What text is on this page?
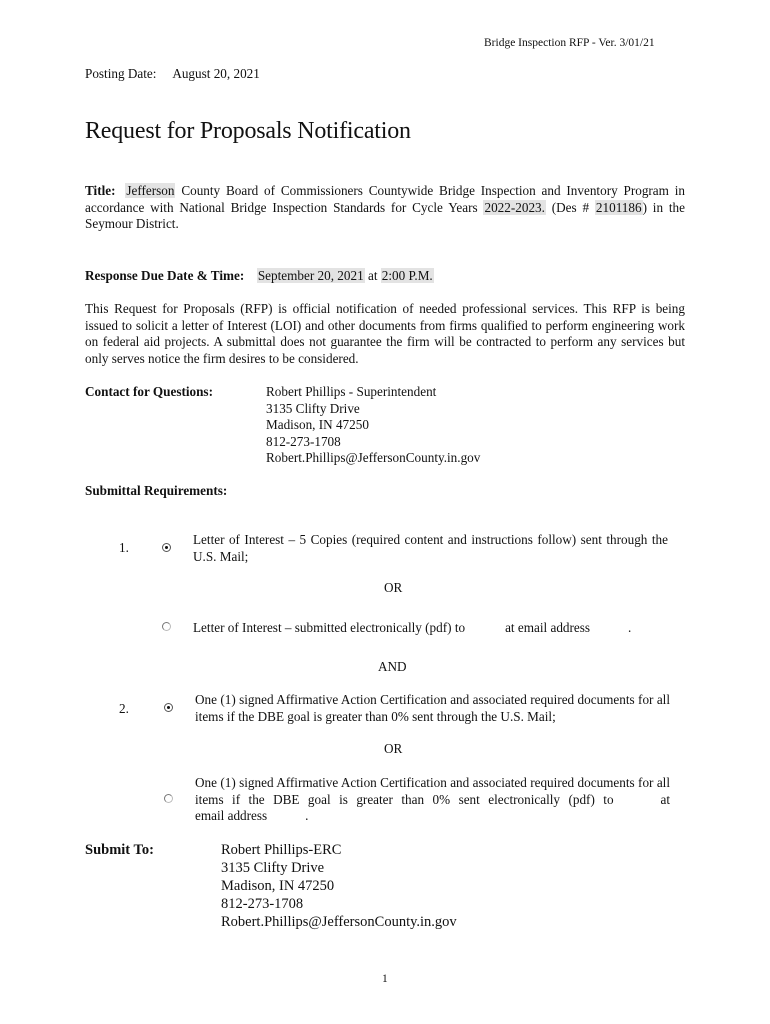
Bridge Inspection RFP - Ver. 3/01/21
Posting Date: August 20, 2021
Request for Proposals Notification
Title: Jefferson County Board of Commissioners Countywide Bridge Inspection and Inventory Program in accordance with National Bridge Inspection Standards for Cycle Years 2022-2023. (Des # 2101186) in the Seymour District.
Response Due Date & Time: September 20, 2021 at 2:00 P.M.
This Request for Proposals (RFP) is official notification of needed professional services. This RFP is being issued to solicit a letter of Interest (LOI) and other documents from firms qualified to perform engineering work on federal aid projects. A submittal does not guarantee the firm will be contracted to perform any services but only serves notice the firm desires to be considered.
Contact for Questions:	Robert Phillips - Superintendent
3135 Clifty Drive
Madison, IN 47250
812-273-1708
Robert.Phillips@JeffersonCounty.in.gov
Submittal Requirements:
1.
Letter of Interest – 5 Copies (required content and instructions follow) sent through the U.S. Mail;
OR
Letter of Interest – submitted electronically (pdf) to	at email address	.
AND
2.
One (1) signed Affirmative Action Certification and associated required documents for all items if the DBE goal is greater than 0% sent through the U.S. Mail;
OR
One (1) signed Affirmative Action Certification and associated required documents for all items if the DBE goal is greater than 0% sent electronically (pdf) to	at
email address	.
Submit To:	Robert Phillips-ERC
3135 Clifty Drive
Madison, IN 47250
812-273-1708
Robert.Phillips@JeffersonCounty.in.gov
1
